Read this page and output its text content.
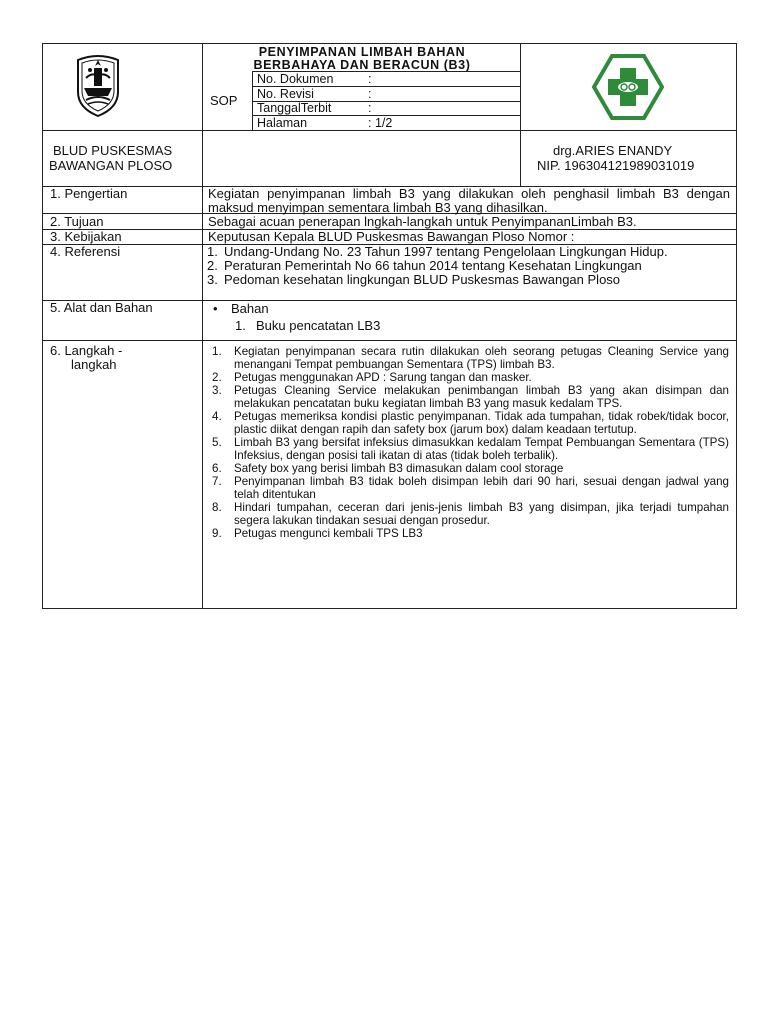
PENYIMPANAN LIMBAH BAHAN
BERBAHAYA DAN BERACUN (B3)
SOP
No. Dokumen	:
No. Revisi	:
TanggalTerbit	:
Halaman	: 1/2
BLUD PUSKESMAS
BAWANGAN PLOSO
drg.ARIES ENANDY
NIP. 196304121989031019
1. Pengertian	Kegiatan penyimpanan limbah B3 yang dilakukan oleh penghasil limbah B3 dengan maksud menyimpan sementara limbah B3 yang dihasilkan.
2. Tujuan	Sebagai acuan penerapan lngkah-langkah untuk PenyimpananLimbah B3.
3. Kebijakan	Keputusan Kepala BLUD Puskesmas Bawangan Ploso Nomor :
4. Referensi	1. Undang-Undang No. 23 Tahun 1997 tentang Pengelolaan Lingkungan Hidup.
2. Peraturan Pemerintah No 66 tahun 2014 tentang Kesehatan Lingkungan
3. Pedoman kesehatan lingkungan BLUD Puskesmas Bawangan Ploso
5. Alat dan Bahan	• Bahan
1. Buku pencatatan LB3
6. Langkah -
langkah
1. Kegiatan penyimpanan secara rutin dilakukan oleh seorang petugas Cleaning Service yang menangani Tempat pembuangan Sementara (TPS) limbah B3.
2. Petugas menggunakan APD : Sarung tangan dan masker.
3. Petugas Cleaning Service melakukan penimbangan limbah B3 yang akan disimpan dan melakukan pencatatan buku kegiatan limbah B3 yang masuk kedalam TPS.
4. Petugas memeriksa kondisi plastic penyimpanan. Tidak ada tumpahan, tidak robek/tidak bocor, plastic diikat dengan rapih dan safety box (jarum box) dalam keadaan tertutup.
5. Limbah B3 yang bersifat infeksius dimasukkan kedalam Tempat Pembuangan Sementara (TPS) Infeksius, dengan posisi tali ikatan di atas (tidak boleh terbalik).
6. Safety box yang berisi limbah B3 dimasukan dalam cool storage
7. Penyimpanan limbah B3 tidak boleh disimpan lebih dari 90 hari, sesuai dengan jadwal yang telah ditentukan
8. Hindari tumpahan, ceceran dari jenis-jenis limbah B3 yang disimpan, jika terjadi tumpahan segera lakukan tindakan sesuai dengan prosedur.
9. Petugas mengunci kembali TPS LB3
